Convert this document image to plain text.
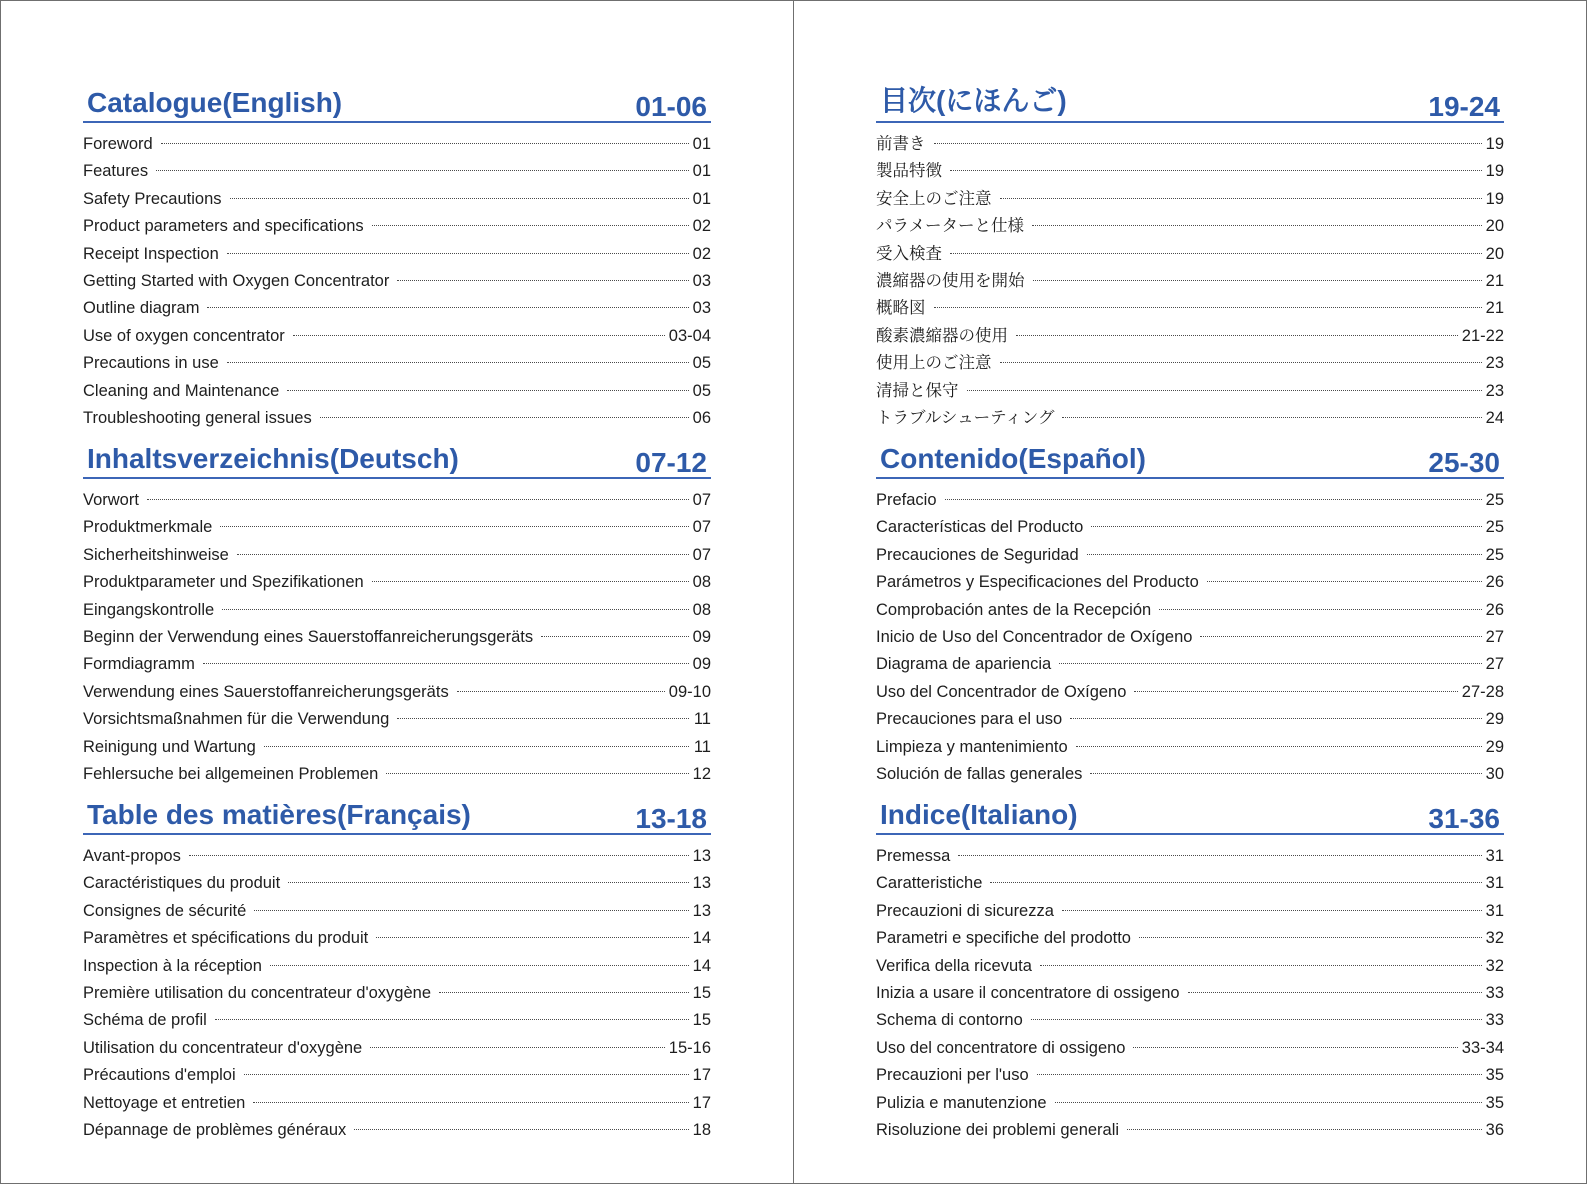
Catalogue(English)	01-06
Foreword	01
Features	01
Safety Precautions	01
Product parameters and specifications	02
Receipt Inspection	02
Getting Started with Oxygen Concentrator	03
Outline diagram	03
Use of oxygen concentrator	03-04
Precautions in use	05
Cleaning and Maintenance	05
Troubleshooting general issues	06
Inhaltsverzeichnis(Deutsch)	07-12
Vorwort	07
Produktmerkmale	07
Sicherheitshinweise	07
Produktparameter und Spezifikationen	08
Eingangskontrolle	08
Beginn der Verwendung eines Sauerstoffanreicherungsgeräts	09
Formdiagramm	09
Verwendung eines Sauerstoffanreicherungsgeräts	09-10
Vorsichtsmaßnahmen für die Verwendung	11
Reinigung und Wartung	11
Fehlersuche bei allgemeinen Problemen	12
Table des matières(Français)	13-18
Avant-propos	13
Caractéristiques du produit	13
Consignes de sécurité	13
Paramètres et spécifications du produit	14
Inspection à la réception	14
Première utilisation du concentrateur d'oxygène	15
Schéma de profil	15
Utilisation du concentrateur d'oxygène	15-16
Précautions d'emploi	17
Nettoyage et entretien	17
Dépannage de problèmes généraux	18
目次(にほんご)	19-24
前書き	19
製品特徴	19
安全上のご注意	19
パラメーターと仕様	20
受入検査	20
濃縮器の使用を開始	21
概略図	21
酸素濃縮器の使用	21-22
使用上のご注意	23
清掃と保守	23
トラブルシューティング	24
Contenido(Español)	25-30
Prefacio	25
Características del Producto	25
Precauciones de Seguridad	25
Parámetros y Especificaciones del Producto	26
Comprobación antes de la Recepción	26
Inicio de Uso del Concentrador de Oxígeno	27
Diagrama de apariencia	27
Uso del Concentrador de Oxígeno	27-28
Precauciones para el uso	29
Limpieza y mantenimiento	29
Solución de fallas generales	30
Indice(Italiano)	31-36
Premessa	31
Caratteristiche	31
Precauzioni di sicurezza	31
Parametri e specifiche del prodotto	32
Verifica della ricevuta	32
Inizia a usare il concentratore di ossigeno	33
Schema di contorno	33
Uso del concentratore di ossigeno	33-34
Precauzioni per l'uso	35
Pulizia e manutenzione	35
Risoluzione dei problemi generali	36
